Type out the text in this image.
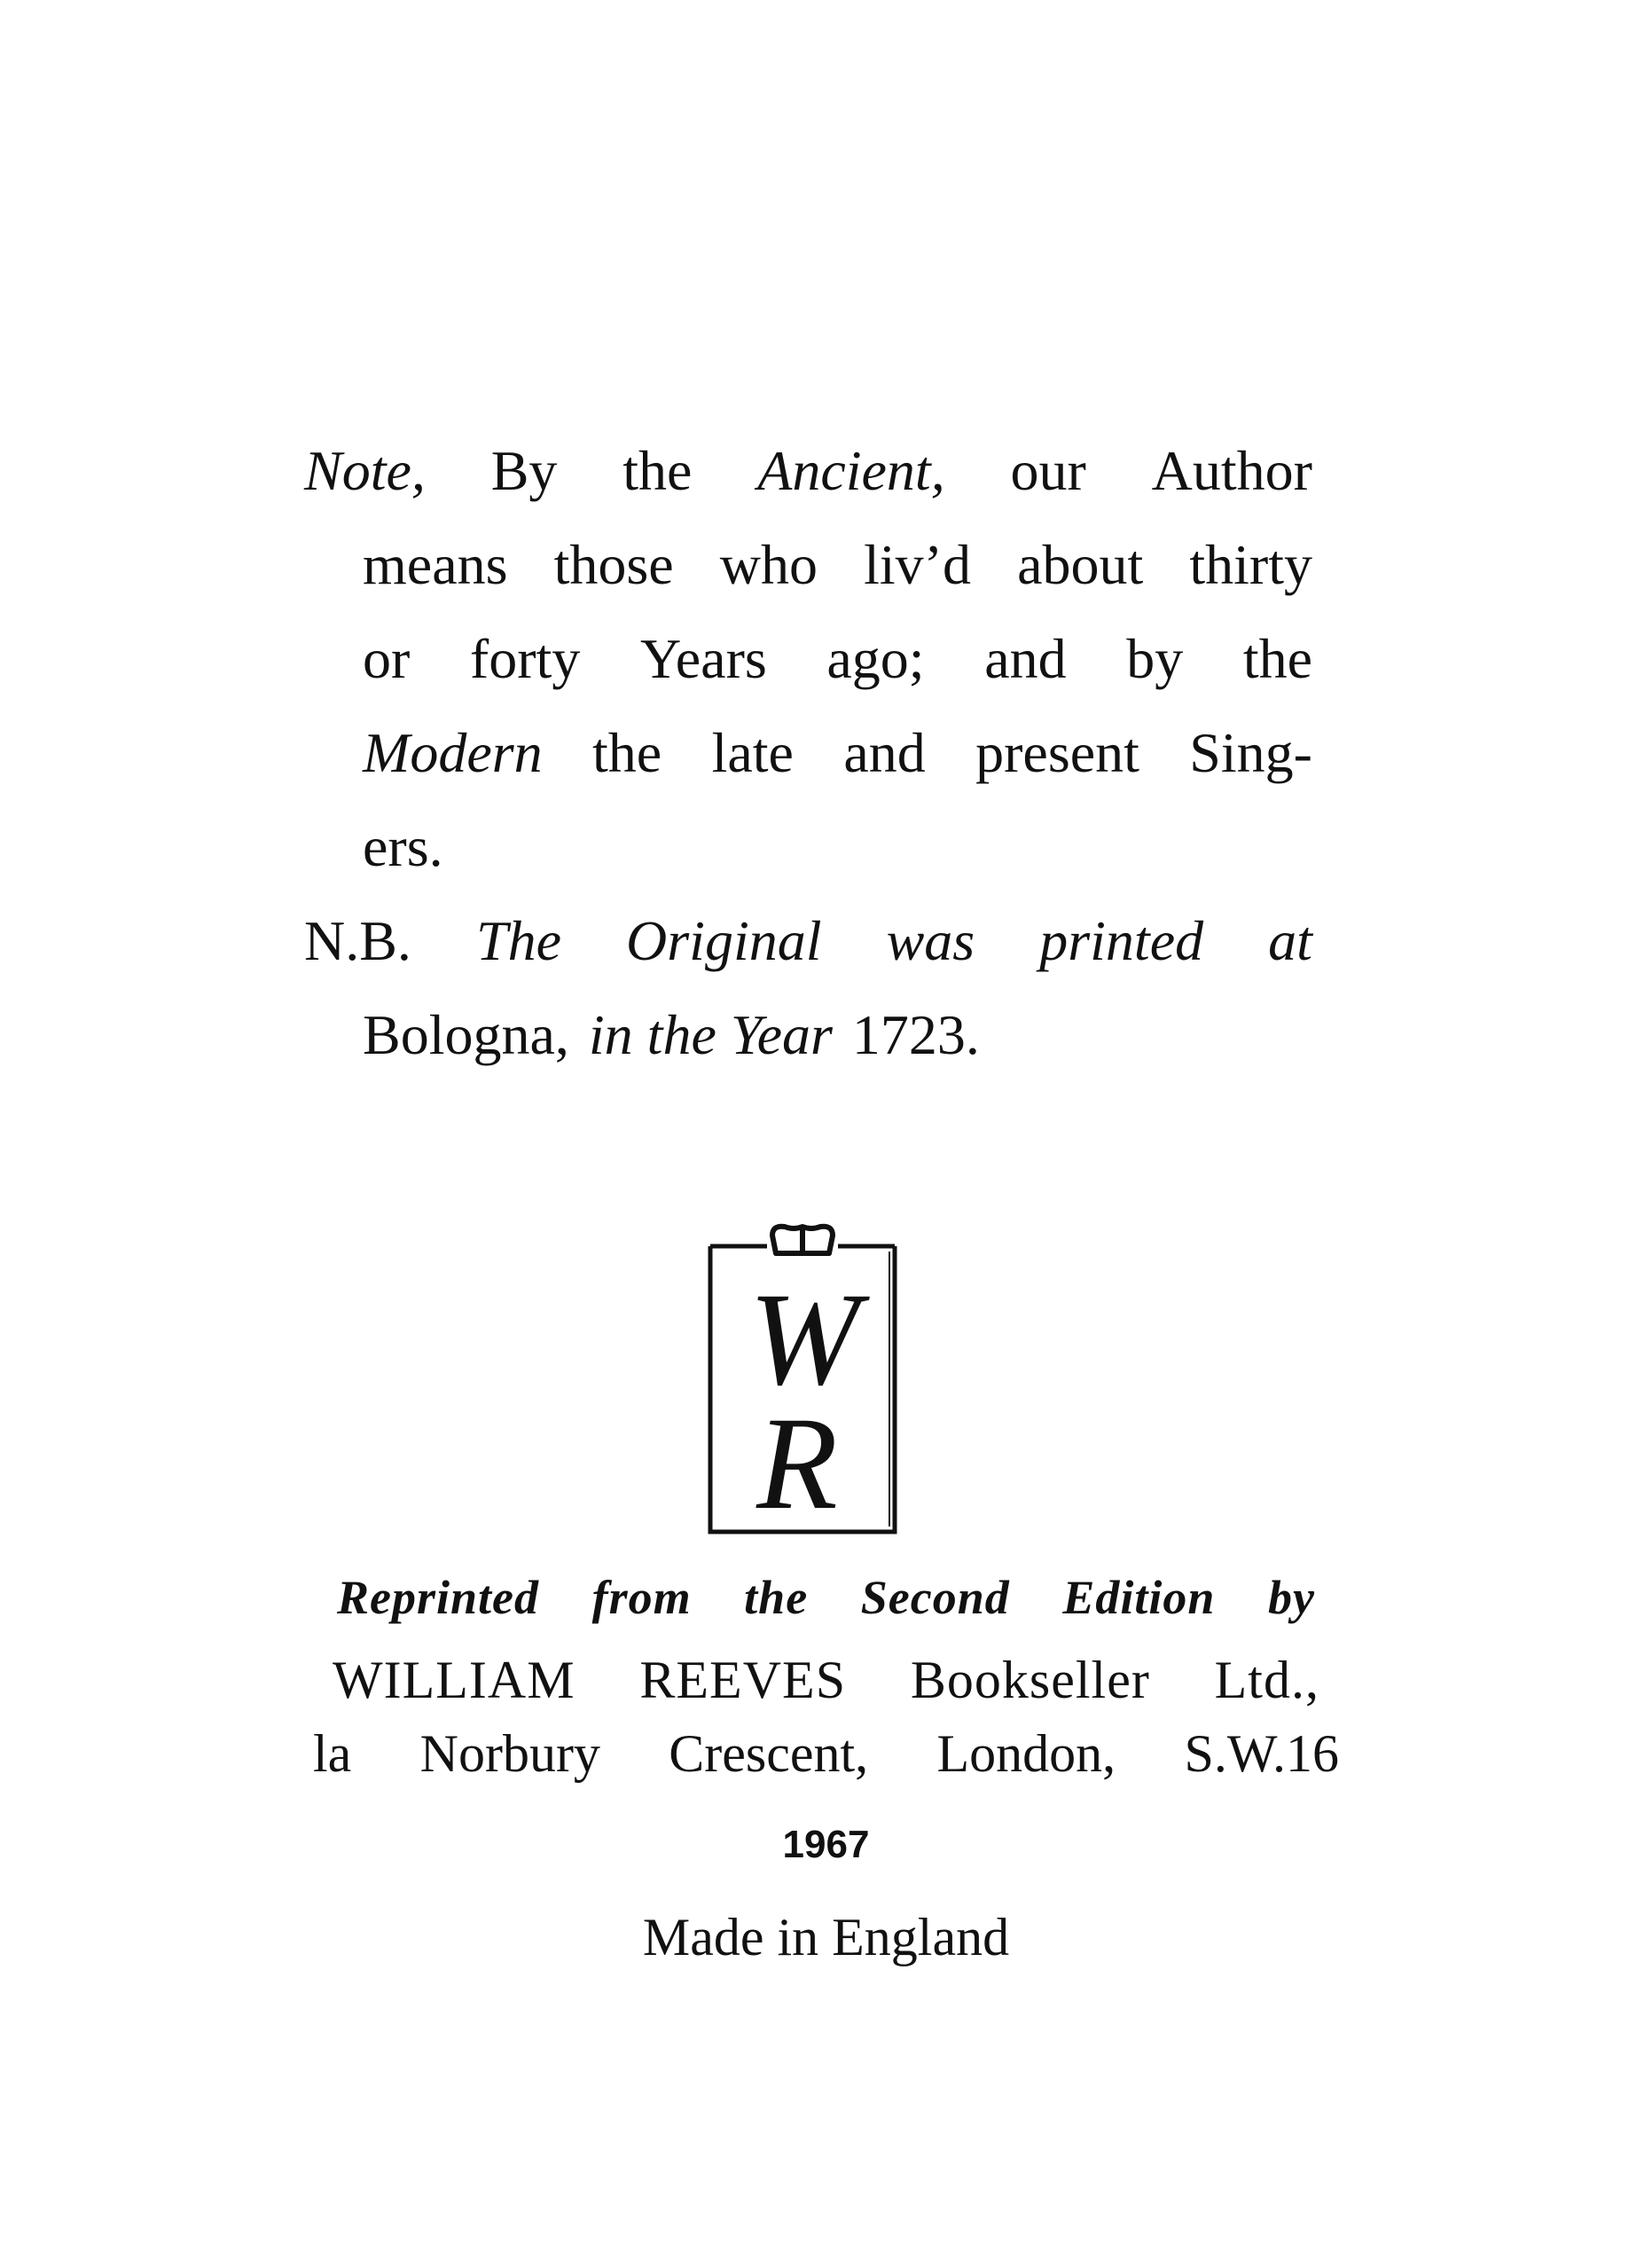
Note, By the Ancient, our Author
means those who liv’d about thirty
or forty Years ago; and by the
Modern the late and present Sing-
ers.
N.B. The Original was printed at
Bologna, in the Year 1723.
W
R
Reprinted from the Second Edition by
WILLIAM REEVES Bookseller Ltd.,
la Norbury Crescent, London, S.W.16
1967
Made in England
